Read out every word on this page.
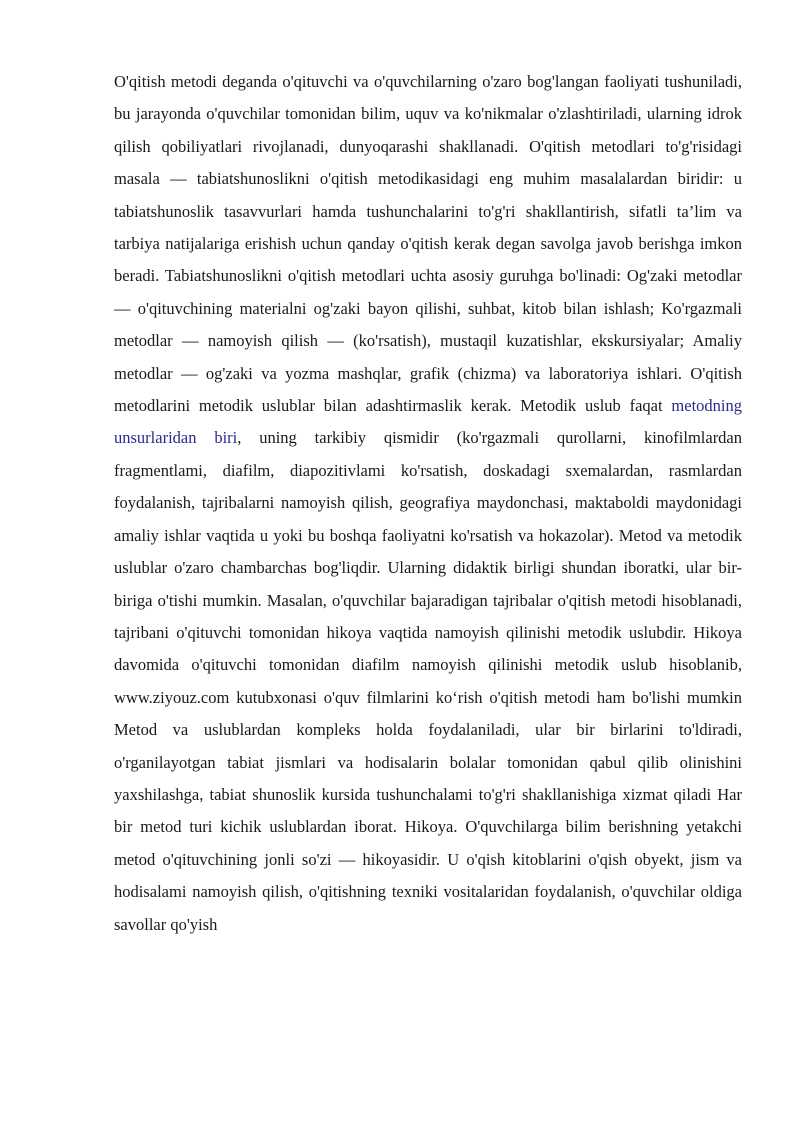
O'qitish metodi deganda o'qituvchi va o'quvchilarning o'zaro bog'langan faoliyati tushuniladi, bu jarayonda o'quvchilar tomonidan bilim, uquv va ko'nikmalar o'zlashtiriladi, ularning idrok qilish qobiliyatlari rivojlanadi, dunyoqarashi shakllanadi. O'qitish metodlari to'g'risidagi masala — tabiatshunoslikni o'qitish metodikasidagi eng muhim masalalardan biridir: u tabiatshunoslik tasavvurlari hamda tushunchalarini to'g'ri shakllantirish, sifatli ta’lim va tarbiya natijalariga erishish uchun qanday o'qitish kerak degan savolga javob berishga imkon beradi. Tabiatshunoslikni o'qitish metodlari uchta asosiy guruhga bo'linadi: Og'zaki metodlar — o'qituvchining materialni og'zaki bayon qilishi, suhbat, kitob bilan ishlash; Ko'rgazmali metodlar — namoyish qilish — (ko'rsatish), mustaqil kuzatishlar, ekskursiyalar; Amaliy metodlar — og'zaki va yozma mashqlar, grafik (chizma) va laboratoriya ishlari. O'qitish metodlarini metodik uslublar bilan adashtirmaslik kerak. Metodik uslub faqat metodning unsurlaridan biri, uning tarkibiy qismidir (ko'rgazmali qurollarni, kinofilmlardan fragmentlami, diafilm, diapozitivlami ko'rsatish, doskadagi sxemalardan, rasmlardan foydalanish, tajribalarni namoyish qilish, geografiya maydonchasi, maktaboldi maydonidagi amaliy ishlar vaqtida u yoki bu boshqa faoliyatni ko'rsatish va hokazolar). Metod va metodik uslublar o'zaro chambarchas bog'liqdir. Ularning didaktik birligi shundan iboratki, ular bir-biriga o'tishi mumkin. Masalan, o'quvchilar bajaradigan tajribalar o'qitish metodi hisoblanadi, tajribani o'qituvchi tomonidan hikoya vaqtida namoyish qilinishi metodik uslubdir. Hikoya davomida o'qituvchi tomonidan diafilm namoyish qilinishi metodik uslub hisoblanib, www.ziyouz.com kutubxonasi o'quv filmlarini ko‘rish o'qitish metodi ham bo'lishi mumkin Metod va uslublardan kompleks holda foydalaniladi, ular bir birlarini to'ldiradi, o'rganilayotgan tabiat jismlari va hodisalarin bolalar tomonidan qabul qilib olinishini yaxshilashga, tabiat shunoslik kursida tushunchalami to'g'ri shakllanishiga xizmat qiladi Har bir metod turi kichik uslublardan iborat. Hikoya. O'quvchilarga bilim berishning yetakchi metod o'qituvchining jonli so'zi — hikoyasidir. U o'qish kitoblarini o'qish obyekt, jism va hodisalami namoyish qilish, o'qitishning texniki vositalaridan foydalanish, o'quvchilar oldiga savollar qo'yish
